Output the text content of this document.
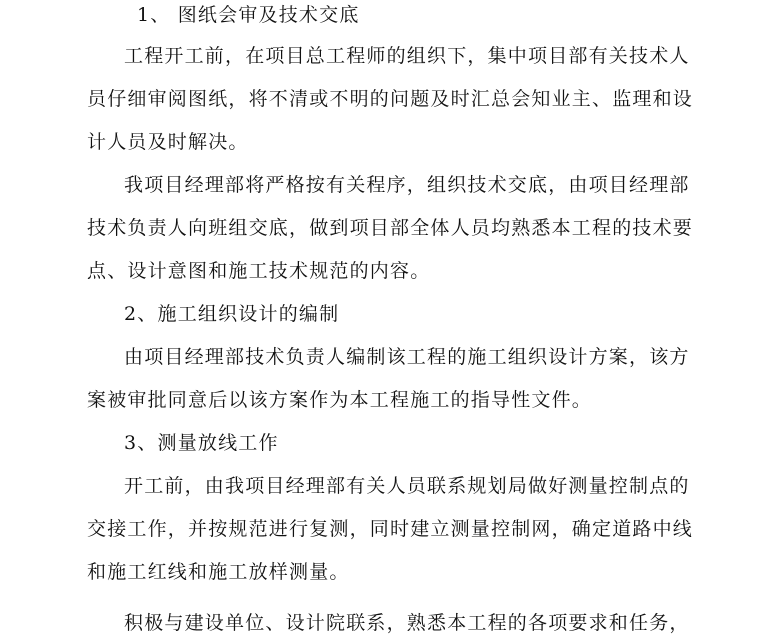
1、 图纸会审及技术交底
工程开工前，在项目总工程师的组织下，集中项目部有关技术人
员仔细审阅图纸，将不清或不明的问题及时汇总会知业主、监理和设
计人员及时解决。
我项目经理部将严格按有关程序，组织技术交底，由项目经理部
技术负责人向班组交底，做到项目部全体人员均熟悉本工程的技术要
点、设计意图和施工技术规范的内容。
2、施工组织设计的编制
由项目经理部技术负责人编制该工程的施工组织设计方案，该方
案被审批同意后以该方案作为本工程施工的指导性文件。
3、测量放线工作
开工前，由我项目经理部有关人员联系规划局做好测量控制点的
交接工作，并按规范进行复测，同时建立测量控制网，确定道路中线
和施工红线和施工放样测量。
积极与建设单位、设计院联系，熟悉本工程的各项要求和任务，
